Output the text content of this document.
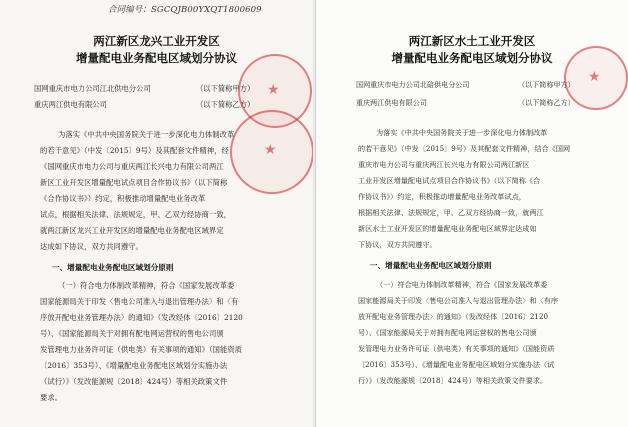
合同编号：SGCQJB00YXQT1800609
两江新区龙兴工业开发区
增量配电业务配电区域划分协议
国网重庆市电力公司江北供电分公司	（以下简称甲方）
重庆两江供电有限公司	（以下简称乙方）
为落实《中共中央国务院关于进一步深化电力体制改革
的若干意见》（中发〔2015〕9号）及其配套文件精神，经
《国网重庆市电力公司与重庆两江长兴电力有限公司两江
新区工业开发区增量配电试点项目合作协议书》（以下简称
《合作协议书》）约定，积极推动增量配电业务改革
试点，根据相关法律、法规规定，甲、乙双方经协商一致，
就两江新区龙兴工业开发区的增量配电业务配电区域界定
达成如下协议，双方共同遵守。
一、增量配电业务配电区域划分原则
（一）符合电力体制改革精神，符合《国家发展改革委
国家能源局关于印发〈售电公司准入与退出管理办法〉和〈有
序放开配电业务管理办法〉的通知》（发改经体〔2016〕2120
号）、《国家能源局关于对拥有配电网运营权的售电公司颁
发管理电力业务许可证（供电类）有关事项的通知》（国能资质
〔2016〕353号）、《增量配电业务配电区域划分实施办法
（试行）》（发改能源规〔2018〕424号）等相关政策文件
要求。
★
★
两江新区水土工业开发区
增量配电业务配电区域划分协议
国网重庆市电力公司北碚供电分公司	（以下简称甲方）
重庆两江供电有限公司	（以下简称乙方）
为落实《中共中央国务院关于进一步深化电力体制改革
的若干意见》（中发〔2015〕9号）及其配套文件精神，结合《国网
重庆市电力公司与重庆两江长兴电力有限公司两江新区
工业开发区增量配电试点项目合作协议书》（以下简称《合
作协议书》）约定，积极推动增量配电业务改革试点，
根据相关法律、法规规定，甲、乙双方经协商一致，就两江
新区水土工业开发区的增量配电业务配电区域界定达成如
下协议，双方共同遵守。
一、增量配电业务配电区域划分原则
（一）符合电力体制改革精神，符合《国家发展改革委
国家能源局关于印发〈售电公司准入与退出管理办法〉和〈有序
放开配电业务管理办法〉的通知》（发改经体〔2016〕2120
号）、《国家能源局关于对拥有配电网运营权的售电公司颁
发管理电力业务许可证（供电类）有关事项的通知》（国能资质
〔2016〕353号）、《增量配电业务配电区域划分实施办法（试
行）》（发改能源规〔2018〕424号）等相关政策文件要求。
★
